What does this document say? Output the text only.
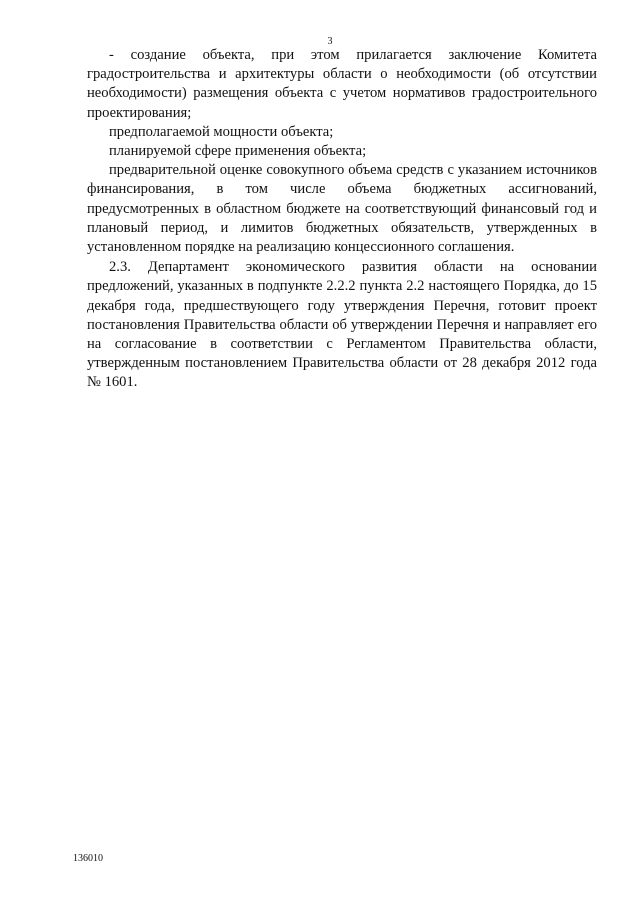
3

- создание объекта, при этом прилагается заключение Комитета градостроительства и архитектуры области о необходимости (об отсутствии необходимости) размещения объекта с учетом нормативов градостроительного проектирования;

предполагаемой мощности объекта;

планируемой сфере применения объекта;

предварительной оценке совокупного объема средств с указанием источников финансирования, в том числе объема бюджетных ассигнований, предусмотренных в областном бюджете на соответствующий финансовый год и плановый период, и лимитов бюджетных обязательств, утвержденных в установленном порядке на реализацию концессионного соглашения.

2.3. Департамент экономического развития области на основании предложений, указанных в подпункте 2.2.2 пункта 2.2 настоящего Порядка, до 15 декабря года, предшествующего году утверждения Перечня, готовит проект постановления Правительства области об утверждении Перечня и направляет его на согласование в соответствии с Регламентом Правительства области, утвержденным постановлением Правительства области от 28 декабря 2012 года № 1601.

136010
